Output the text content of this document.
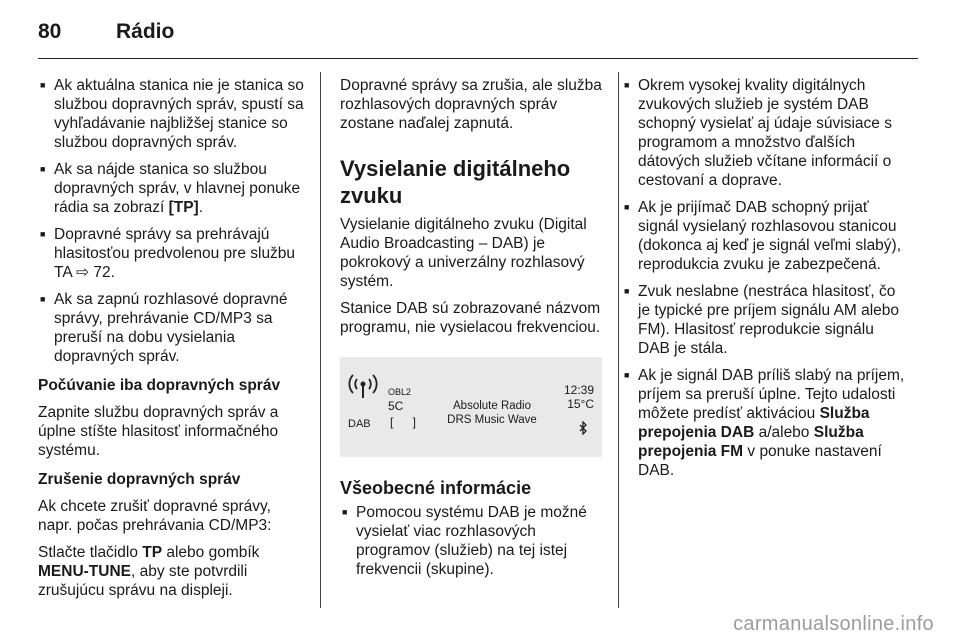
80	Rádio
■ Ak aktuálna stanica nie je stanica so službou dopravných správ, spustí sa vyhľadávanie najbližšej stanice so službou dopravných správ.
■ Ak sa nájde stanica so službou dopravných správ, v hlavnej ponuke rádia sa zobrazí [TP].
■ Dopravné správy sa prehrávajú hlasitosťou predvolenou pre službu TA ⇨ 72.
■ Ak sa zapnú rozhlasové dopravné správy, prehrávanie CD/MP3 sa preruší na dobu vysielania dopravných správ.
Počúvanie iba dopravných správ
Zapnite službu dopravných správ a úplne stíšte hlasitosť informačného systému.
Zrušenie dopravných správ
Ak chcete zrušiť dopravné správy, napr. počas prehrávania CD/MP3:
Stlačte tlačidlo TP alebo gombík MENU-TUNE, aby ste potvrdili zrušujúcu správu na displeji.
Dopravné správy sa zrušia, ale služba rozhlasových dopravných správ zostane naďalej zapnutá.
Vysielanie digitálneho zvuku
Vysielanie digitálneho zvuku (Digital Audio Broadcasting – DAB) je pokrokový a univerzálny rozhlasový systém.
Stanice DAB sú zobrazované názvom programu, nie vysielacou frekvenciou.
DAB
OBL2
5C
[ ]
Absolute Radio
DRS Music Wave
12:39
15°C
Všeobecné informácie
■ Pomocou systému DAB je možné vysielať viac rozhlasových programov (služieb) na tej istej frekvencii (skupine).
■ Okrem vysokej kvality digitálnych zvukových služieb je systém DAB schopný vysielať aj údaje súvisiace s programom a množstvo ďalších dátových služieb včítane informácií o cestovaní a doprave.
■ Ak je prijímač DAB schopný prijať signál vysielaný rozhlasovou stanicou (dokonca aj keď je signál veľmi slabý), reprodukcia zvuku je zabezpečená.
■ Zvuk neslabne (nestráca hlasitosť, čo je typické pre príjem signálu AM alebo FM). Hlasitosť reprodukcie signálu DAB je stála.
■ Ak je signál DAB príliš slabý na príjem, príjem sa preruší úplne. Tejto udalosti môžete predísť aktiváciou Služba prepojenia DAB a/alebo Služba prepojenia FM v ponuke nastavení DAB.
carmanualsonline.info
